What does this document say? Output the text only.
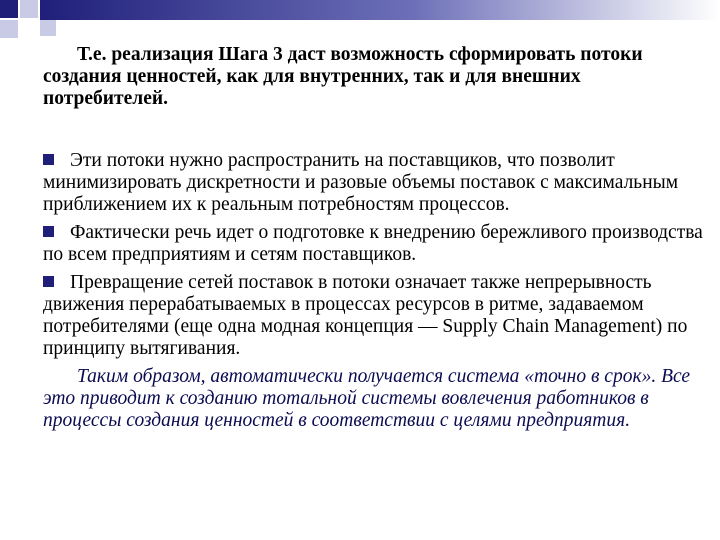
Т.е. реализация Шага 3 даст возможность сформировать потоки создания ценностей, как для внутренних, так и для внешних потребителей.

Эти потоки нужно распространить на поставщиков, что позволит минимизировать дискретности и разовые объемы поставок с максимальным приближением их к реальным потребностям процессов.

Фактически речь идет о подготовке к внедрению бережливого производства по всем предприятиям и сетям поставщиков.

Превращение сетей поставок в потоки означает также непрерывность движения перерабатываемых в процессах ресурсов в ритме, задаваемом потребителями (еще одна модная концепция — Supply Chain Management) по принципу вытягивания.

Таким образом, автоматически получается система «точно в срок». Все это приводит к созданию тотальной системы вовлечения работников в процессы создания ценностей в соответствии с целями предприятия.
